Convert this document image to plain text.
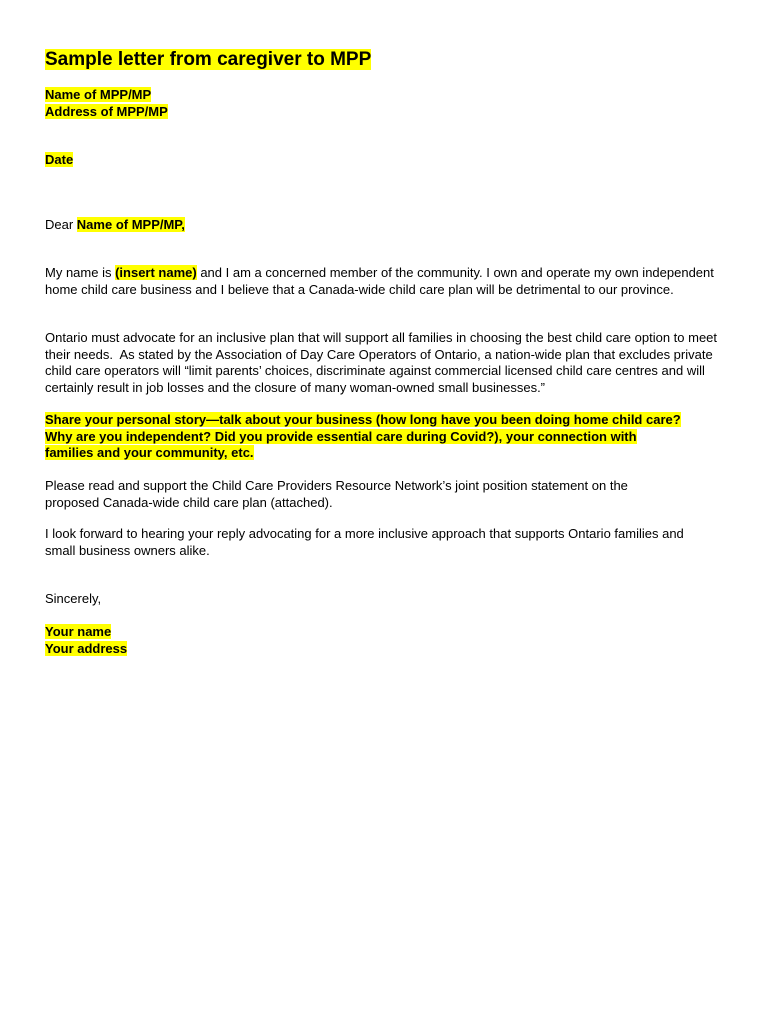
Sample letter from caregiver to MPP
Name of MPP/MP
Address of MPP/MP
Date
Dear Name of MPP/MP,
My name is (insert name) and I am a concerned member of the community. I own and operate my own independent home child care business and I believe that a Canada-wide child care plan will be detrimental to our province.
Ontario must advocate for an inclusive plan that will support all families in choosing the best child care option to meet their needs.  As stated by the Association of Day Care Operators of Ontario, a nation-wide plan that excludes private child care operators will “limit parents’ choices, discriminate against commercial licensed child care centres and will certainly result in job losses and the closure of many woman-owned small businesses.”
Share your personal story—talk about your business (how long have you been doing home child care?
Why are you independent? Did you provide essential care during Covid?), your connection with
families and your community, etc.
Please read and support the Child Care Providers Resource Network’s joint position statement on the proposed Canada-wide child care plan (attached).
I look forward to hearing your reply advocating for a more inclusive approach that supports Ontario families and small business owners alike.
Sincerely,
Your name
Your address
